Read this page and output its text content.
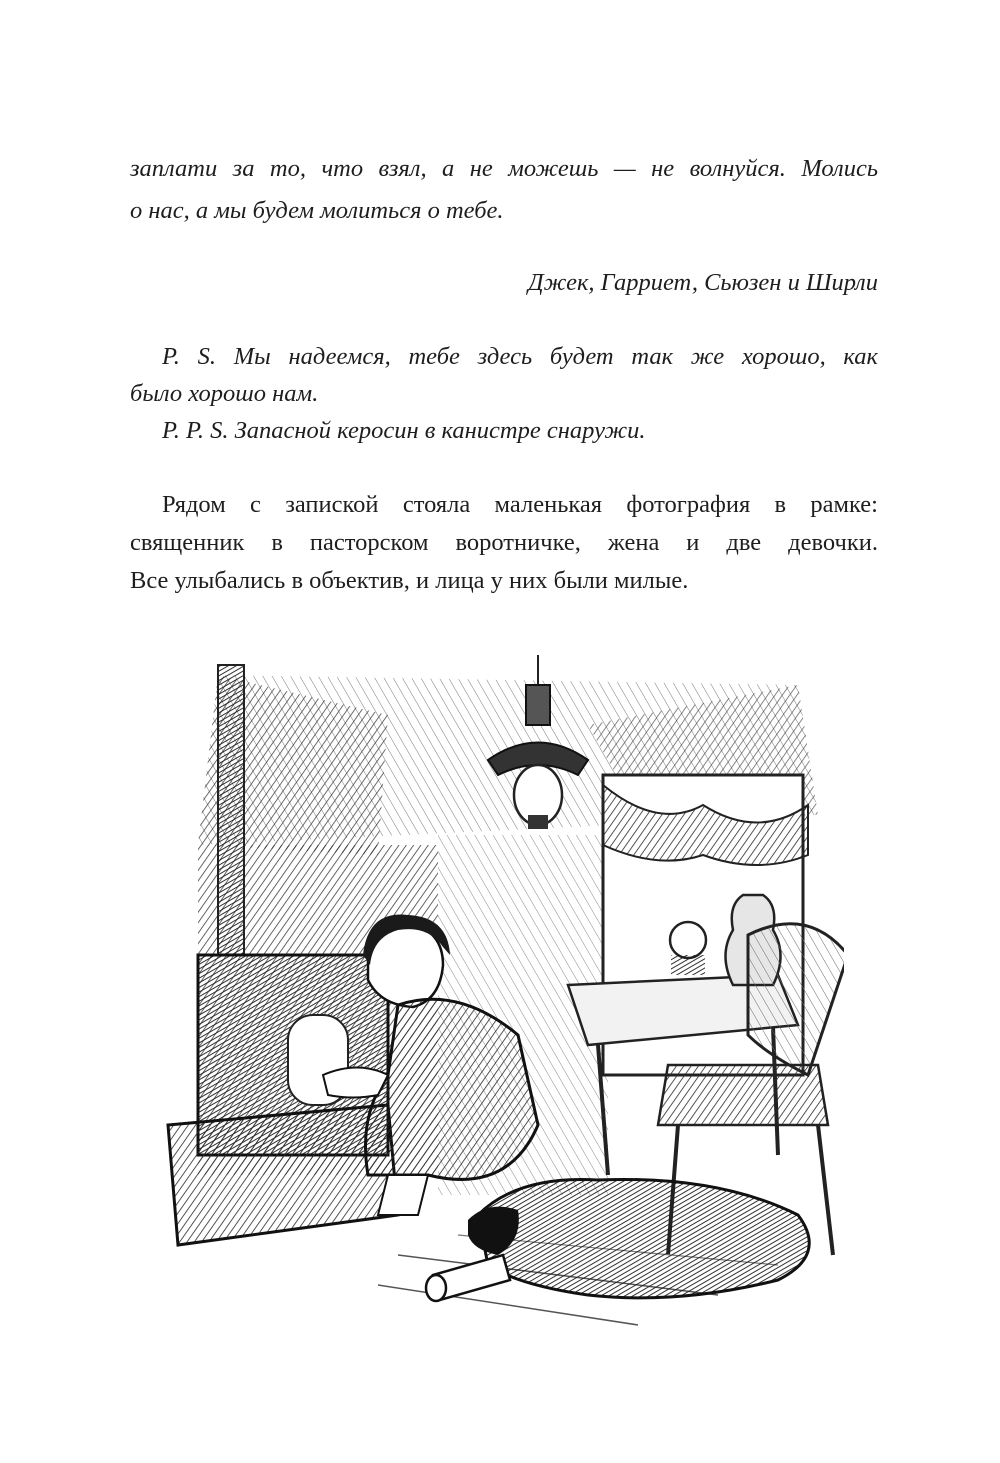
заплати за то, что взял, а не можешь — не волнуйся. Молись
о нас, а мы будем молиться о тебе.
Джек, Гарриет, Сьюзен и Ширли
P. S. Мы надеемся, тебе здесь будет так же хорошо, как
было хорошо нам.
P. P. S. Запасной керосин в канистре снаружи.
Рядом с запиской стояла маленькая фотография в рамке:
священник в пасторском воротничке, жена и две девочки.
Все улыбались в объектив, и лица у них были милые.
